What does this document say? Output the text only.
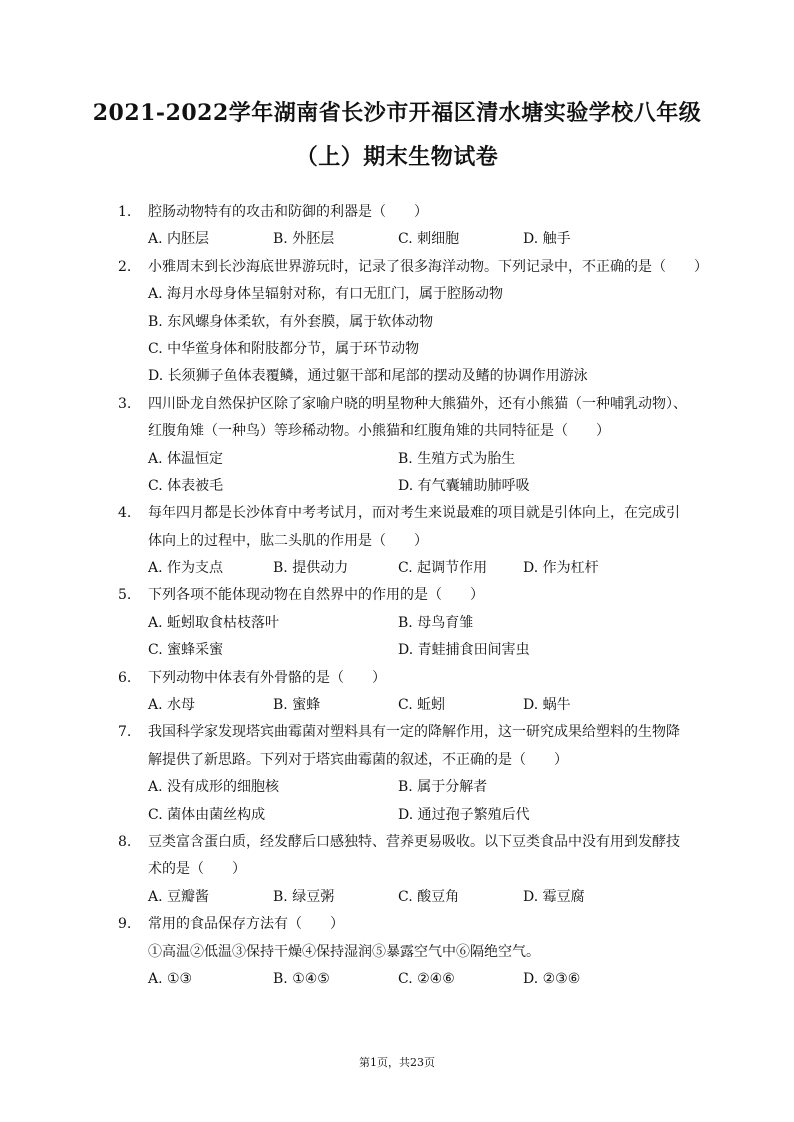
2021-2022学年湖南省长沙市开福区清水塘实验学校八年级
（上）期末生物试卷
1.	腔肠动物特有的攻击和防御的利器是（　　）
A. 内胚层	B. 外胚层	C. 刺细胞	D. 触手
2.	小雅周末到长沙海底世界游玩时，记录了很多海洋动物。下列记录中，不正确的是（　　）
A. 海月水母身体呈辐射对称，有口无肛门，属于腔肠动物
B. 东风螺身体柔软，有外套膜，属于软体动物
C. 中华鲎身体和附肢都分节，属于环节动物
D. 长须狮子鱼体表覆鳞，通过躯干部和尾部的摆动及鳍的协调作用游泳
3.	四川卧龙自然保护区除了家喻户晓的明星物种大熊猫外，还有小熊猫（一种哺乳动物）、
红腹角雉（一种鸟）等珍稀动物。小熊猫和红腹角雉的共同特征是（　　）
A. 体温恒定	B. 生殖方式为胎生
C. 体表被毛	D. 有气囊辅助肺呼吸
4.	每年四月都是长沙体育中考考试月，而对考生来说最难的项目就是引体向上，在完成引
体向上的过程中，肱二头肌的作用是（　　）
A. 作为支点	B. 提供动力	C. 起调节作用	D. 作为杠杆
5.	下列各项不能体现动物在自然界中的作用的是（　　）
A. 蚯蚓取食枯枝落叶	B. 母鸟育雏
C. 蜜蜂采蜜	D. 青蛙捕食田间害虫
6.	下列动物中体表有外骨骼的是（　　）
A. 水母	B. 蜜蜂	C. 蚯蚓	D. 蜗牛
7.	我国科学家发现塔宾曲霉菌对塑料具有一定的降解作用，这一研究成果给塑料的生物降
解提供了新思路。下列对于塔宾曲霉菌的叙述，不正确的是（　　）
A. 没有成形的细胞核	B. 属于分解者
C. 菌体由菌丝构成	D. 通过孢子繁殖后代
8.	豆类富含蛋白质，经发酵后口感独特、营养更易吸收。以下豆类食品中没有用到发酵技
术的是（　　）
A. 豆瓣酱	B. 绿豆粥	C. 酸豆角	D. 霉豆腐
9.	常用的食品保存方法有（　　）
①高温②低温③保持干燥④保持湿润⑤暴露空气中⑥隔绝空气。
A. ①③	B. ①④⑤	C. ②④⑥	D. ②③⑥
第1页，共23页
